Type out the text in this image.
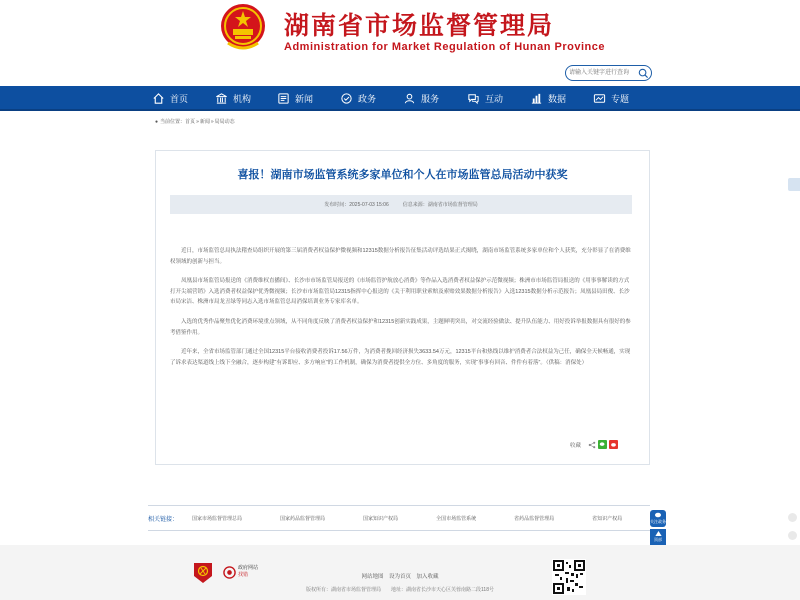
湖南省市场监督管理局
Administration for Market Regulation of Hunan Province
请输入关键字进行查询
首页	机构	新闻	政务	服务	互动	数据	专题
● 当前位置： 首页 » 新闻 » 局局动态
喜报！湖南市场监管系统多家单位和个人在市场监管总局活动中获奖
发布时间：2025-07-03 15:06	信息来源：湖南省市场监督管理局

近日，市场监管总局执法稽查局组织开展的第三届消费者权益保护微视频和12315数据分析报告征集活动评选结果正式揭晓，湖南市场监管系统多家单位和个人获奖，充分彰显了在消费维权领域的创新与担当。

凤凰县市场监管局报送的《消费维权直播间》、长沙市市场监管局报送的《市场监管护航放心消费》等作品入选消费者权益保护示范微视频；株洲市市场监管局报送的《用事事解读的方式打开尖端营销》入选消费者权益保护优秀微视频；长沙市市场监管局12315指挥中心报送的《关于利用职业索赔及索赔效果数据分析报告》入选12315数据分析示范报告；凤凰县局田俊、长沙市局宋洁、株洲市局龙丑绿等同志入选市场监管总局消保培训业务专家库名单。

入选的优秀作品聚焦优化消费环境重点领域，从不同角度反映了消费者权益保护和12315创新实践成果，主题鲜明突出，对交流经验做法、提升队伍能力、用好投诉举报数据具有很好的参考借鉴作用。

近年来，全省市场监管部门通过全国12315平台接收消费者投诉17.56万件，为消费者挽回经济损失3633.54万元，12315平台和热线以维护消费者合法权益为己任，确保全天候畅通，实现了诉求表达渠道线上线下全融合，逐步构建“有诉即应、多方响应”的工作机制，确保为消费者提供全方位、多角度的服务，实现“事事有回音、件件有着落”。（供稿：消保处）

收藏
关注政务
顶部
相关链接：	国家市场监督管理总局	国家药品监督管理局	国家知识产权局	全国市场监管系统	省药品监督管理局	省知识产权局
政府网站
找错	网站地图 设为首页 加入收藏
版权所有：湖南省市场监督管理局　　地址：湖南省长沙市天心区芙蓉南路二段118号
